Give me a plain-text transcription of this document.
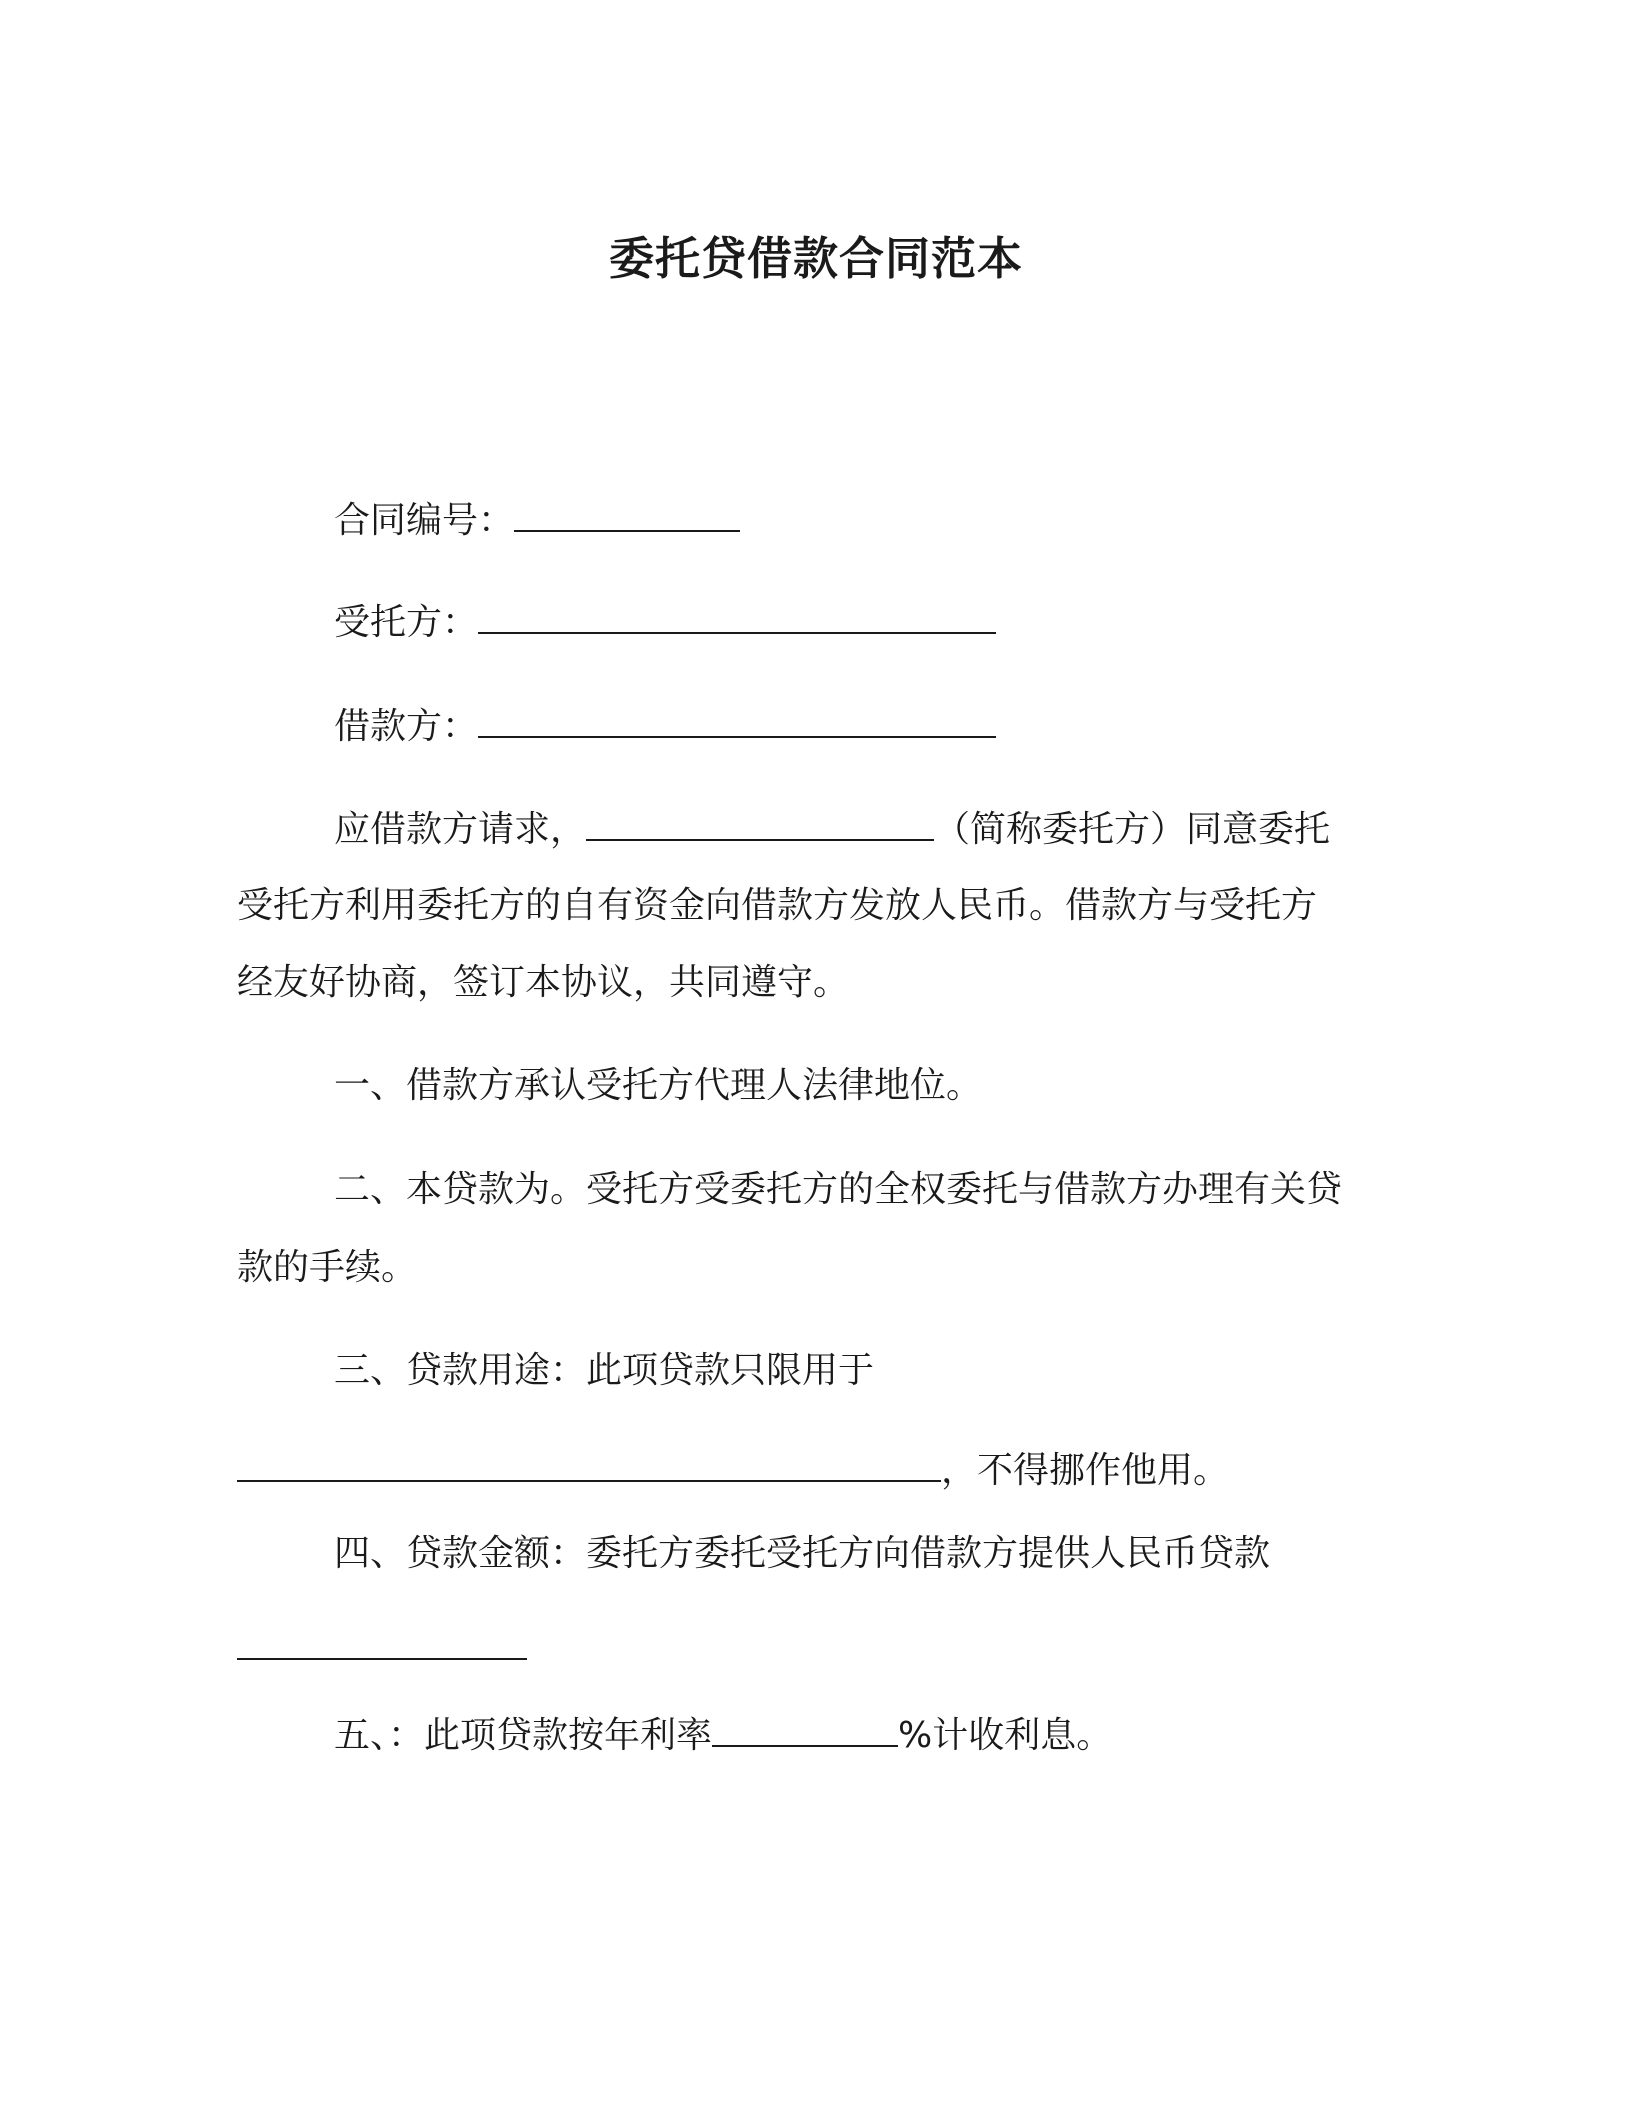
委托贷借款合同范本
合同编号：
受托方：
借款方：
应借款方请求，	（简称委托方）同意委托
受托方利用委托方的自有资金向借款方发放人民币。借款方与受托方
经友好协商，签订本协议，共同遵守。
一、借款方承认受托方代理人法律地位。
二、本贷款为。受托方受委托方的全权委托与借款方办理有关贷
款的手续。
三、贷款用途：此项贷款只限用于
，不得挪作他用。
四、贷款金额：委托方委托受托方向借款方提供人民币贷款
五、：此项贷款按年利率	%计收利息。
